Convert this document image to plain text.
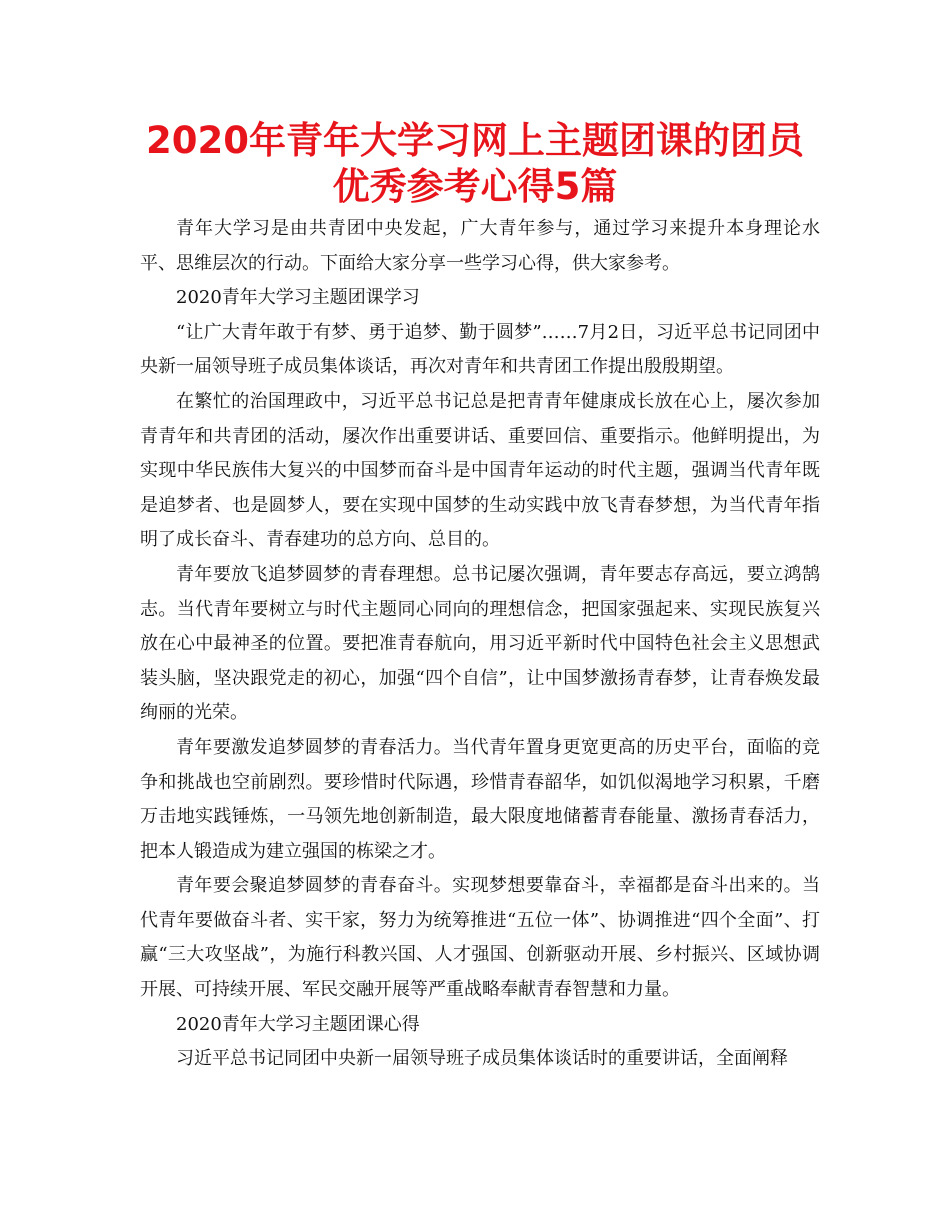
2020年青年大学习网上主题团课的团员优秀参考心得5篇

青年大学习是由共青团中央发起，广大青年参与，通过学习来提升本身理论水平、思维层次的行动。下面给大家分享一些学习心得，供大家参考。

2020青年大学习主题团课学习

“让广大青年敢于有梦、勇于追梦、勤于圆梦”……7月2日，习近平总书记同团中央新一届领导班子成员集体谈话，再次对青年和共青团工作提出殷殷期望。

在繁忙的治国理政中，习近平总书记总是把青青年健康成长放在心上，屡次参加青青年和共青团的活动，屡次作出重要讲话、重要回信、重要指示。他鲜明提出，为实现中华民族伟大复兴的中国梦而奋斗是中国青年运动的时代主题，强调当代青年既是追梦者、也是圆梦人，要在实现中国梦的生动实践中放飞青春梦想，为当代青年指明了成长奋斗、青春建功的总方向、总目的。

青年要放飞追梦圆梦的青春理想。总书记屡次强调，青年要志存高远，要立鸿鹄志。当代青年要树立与时代主题同心同向的理想信念，把国家强起来、实现民族复兴放在心中最神圣的位置。要把准青春航向，用习近平新时代中国特色社会主义思想武装头脑，坚决跟党走的初心，加强“四个自信”，让中国梦激扬青春梦，让青春焕发最绚丽的光荣。

青年要激发追梦圆梦的青春活力。当代青年置身更宽更高的历史平台，面临的竞争和挑战也空前剧烈。要珍惜时代际遇，珍惜青春韶华，如饥似渴地学习积累，千磨万击地实践锤炼，一马领先地创新制造，最大限度地储蓄青春能量、激扬青春活力，把本人锻造成为建立强国的栋梁之才。

青年要会聚追梦圆梦的青春奋斗。实现梦想要靠奋斗，幸福都是奋斗出来的。当代青年要做奋斗者、实干家，努力为统筹推进“五位一体”、协调推进“四个全面”、打赢“三大攻坚战”，为施行科教兴国、人才强国、创新驱动开展、乡村振兴、区域协调开展、可持续开展、军民交融开展等严重战略奉献青春智慧和力量。

2020青年大学习主题团课心得

习近平总书记同团中央新一届领导班子成员集体谈话时的重要讲话，全面阐释
